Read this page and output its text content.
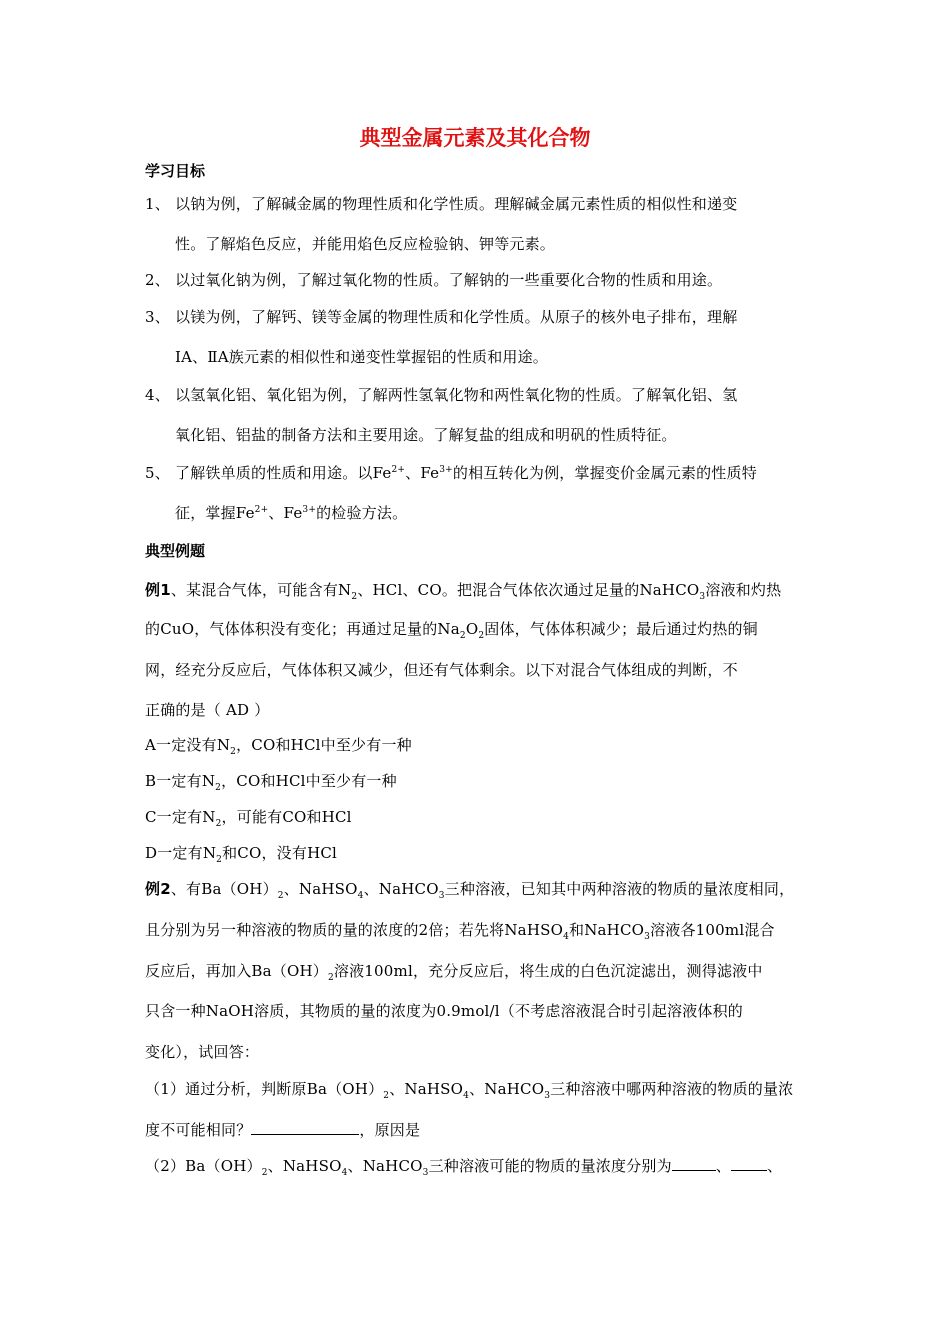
典型金属元素及其化合物
学习目标
1、 以钠为例，了解碱金属的物理性质和化学性质。理解碱金属元素性质的相似性和递变
性。了解焰色反应，并能用焰色反应检验钠、钾等元素。
2、 以过氧化钠为例，了解过氧化物的性质。了解钠的一些重要化合物的性质和用途。
3、 以镁为例，了解钙、镁等金属的物理性质和化学性质。从原子的核外电子排布，理解
ⅠA、ⅡA族元素的相似性和递变性掌握铝的性质和用途。
4、 以氢氧化铝、氧化铝为例，了解两性氢氧化物和两性氧化物的性质。了解氧化铝、氢
氧化铝、铝盐的制备方法和主要用途。了解复盐的组成和明矾的性质特征。
5、 了解铁单质的性质和用途。以$Fe^{2+}$、$Fe^{3+}$的相互转化为例，掌握变价金属元素的性质特
征，掌握$Fe^{2+}$、$Fe^{3+}$的检验方法。
典型例题
例1、某混合气体，可能含有$N_2$、HCl、CO。把混合气体依次通过足量的NaHCO$_3$溶液和灼热
的CuO，气体体积没有变化；再通过足量的$Na_2O_2$固体，气体体积减少；最后通过灼热的铜
网，经充分反应后，气体体积又减少，但还有气体剩余。以下对混合气体组成的判断，不
正确的是（ AD ）
A一定没有$N_2$，CO和HCl中至少有一种
B一定有$N_2$，CO和HCl中至少有一种
C一定有$N_2$，可能有CO和HCl
D一定有$N_2$和CO，没有HCl
例2、有$Ba(OH)_2$、NaHSO$_4$、NaHCO$_3$三种溶液，已知其中两种溶液的物质的量浓度相同，
且分别为另一种溶液的物质的量的浓度的2倍；若先将NaHSO$_4$和NaHCO$_3$溶液各100ml混合
反应后，再加入$Ba(OH)_2$溶液100ml，充分反应后，将生成的白色沉淀滤出，测得滤液中
只含一种NaOH溶质，其物质的量的浓度为0.9mol/l（不考虑溶液混合时引起溶液体积的
变化），试回答：
（1）通过分析，判断原$Ba(OH)_2$、NaHSO$_4$、NaHCO$_3$三种溶液中哪两种溶液的物质的量浓
度不可能相同？	，原因是
$(2)Ba(OH)_2$、NaHSO$_4$、NaHCO$_3$三种溶液可能的物质的量浓度分别为	、 、
